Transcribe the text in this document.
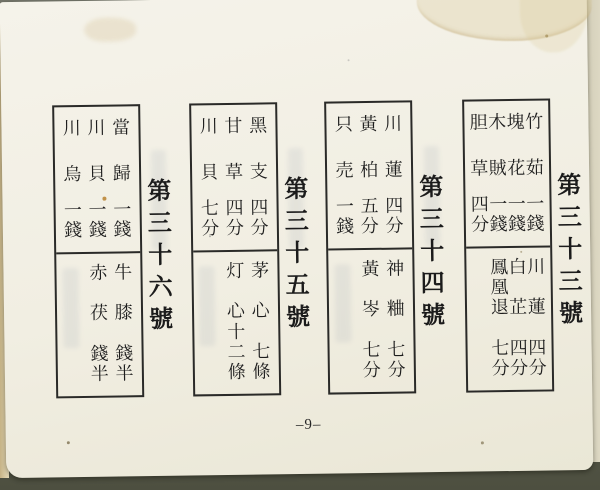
竹
茹
一
錢
塊
花
一
錢
木
賊
一
錢
胆
草
四
分
川
蓮
四
分
白
芷
四
分
鳳
凰
退
七
分
第
三
十
三
號
川
蓮
四
分
黃
柏
五
分
只
売
一
錢
神
粬
七
分
黃
岑
七
分
第
三
十
四
號
黑
支
四
分
甘
草
四
分
川
貝
七
分
茅
心
七
條
灯
心
十
二
條
第
三
十
五
號
當
歸
一
錢
川
貝
一
錢
川
烏
一
錢
牛
膝
錢
半
赤
茯
錢
半
第
三
十
六
號
–9–
